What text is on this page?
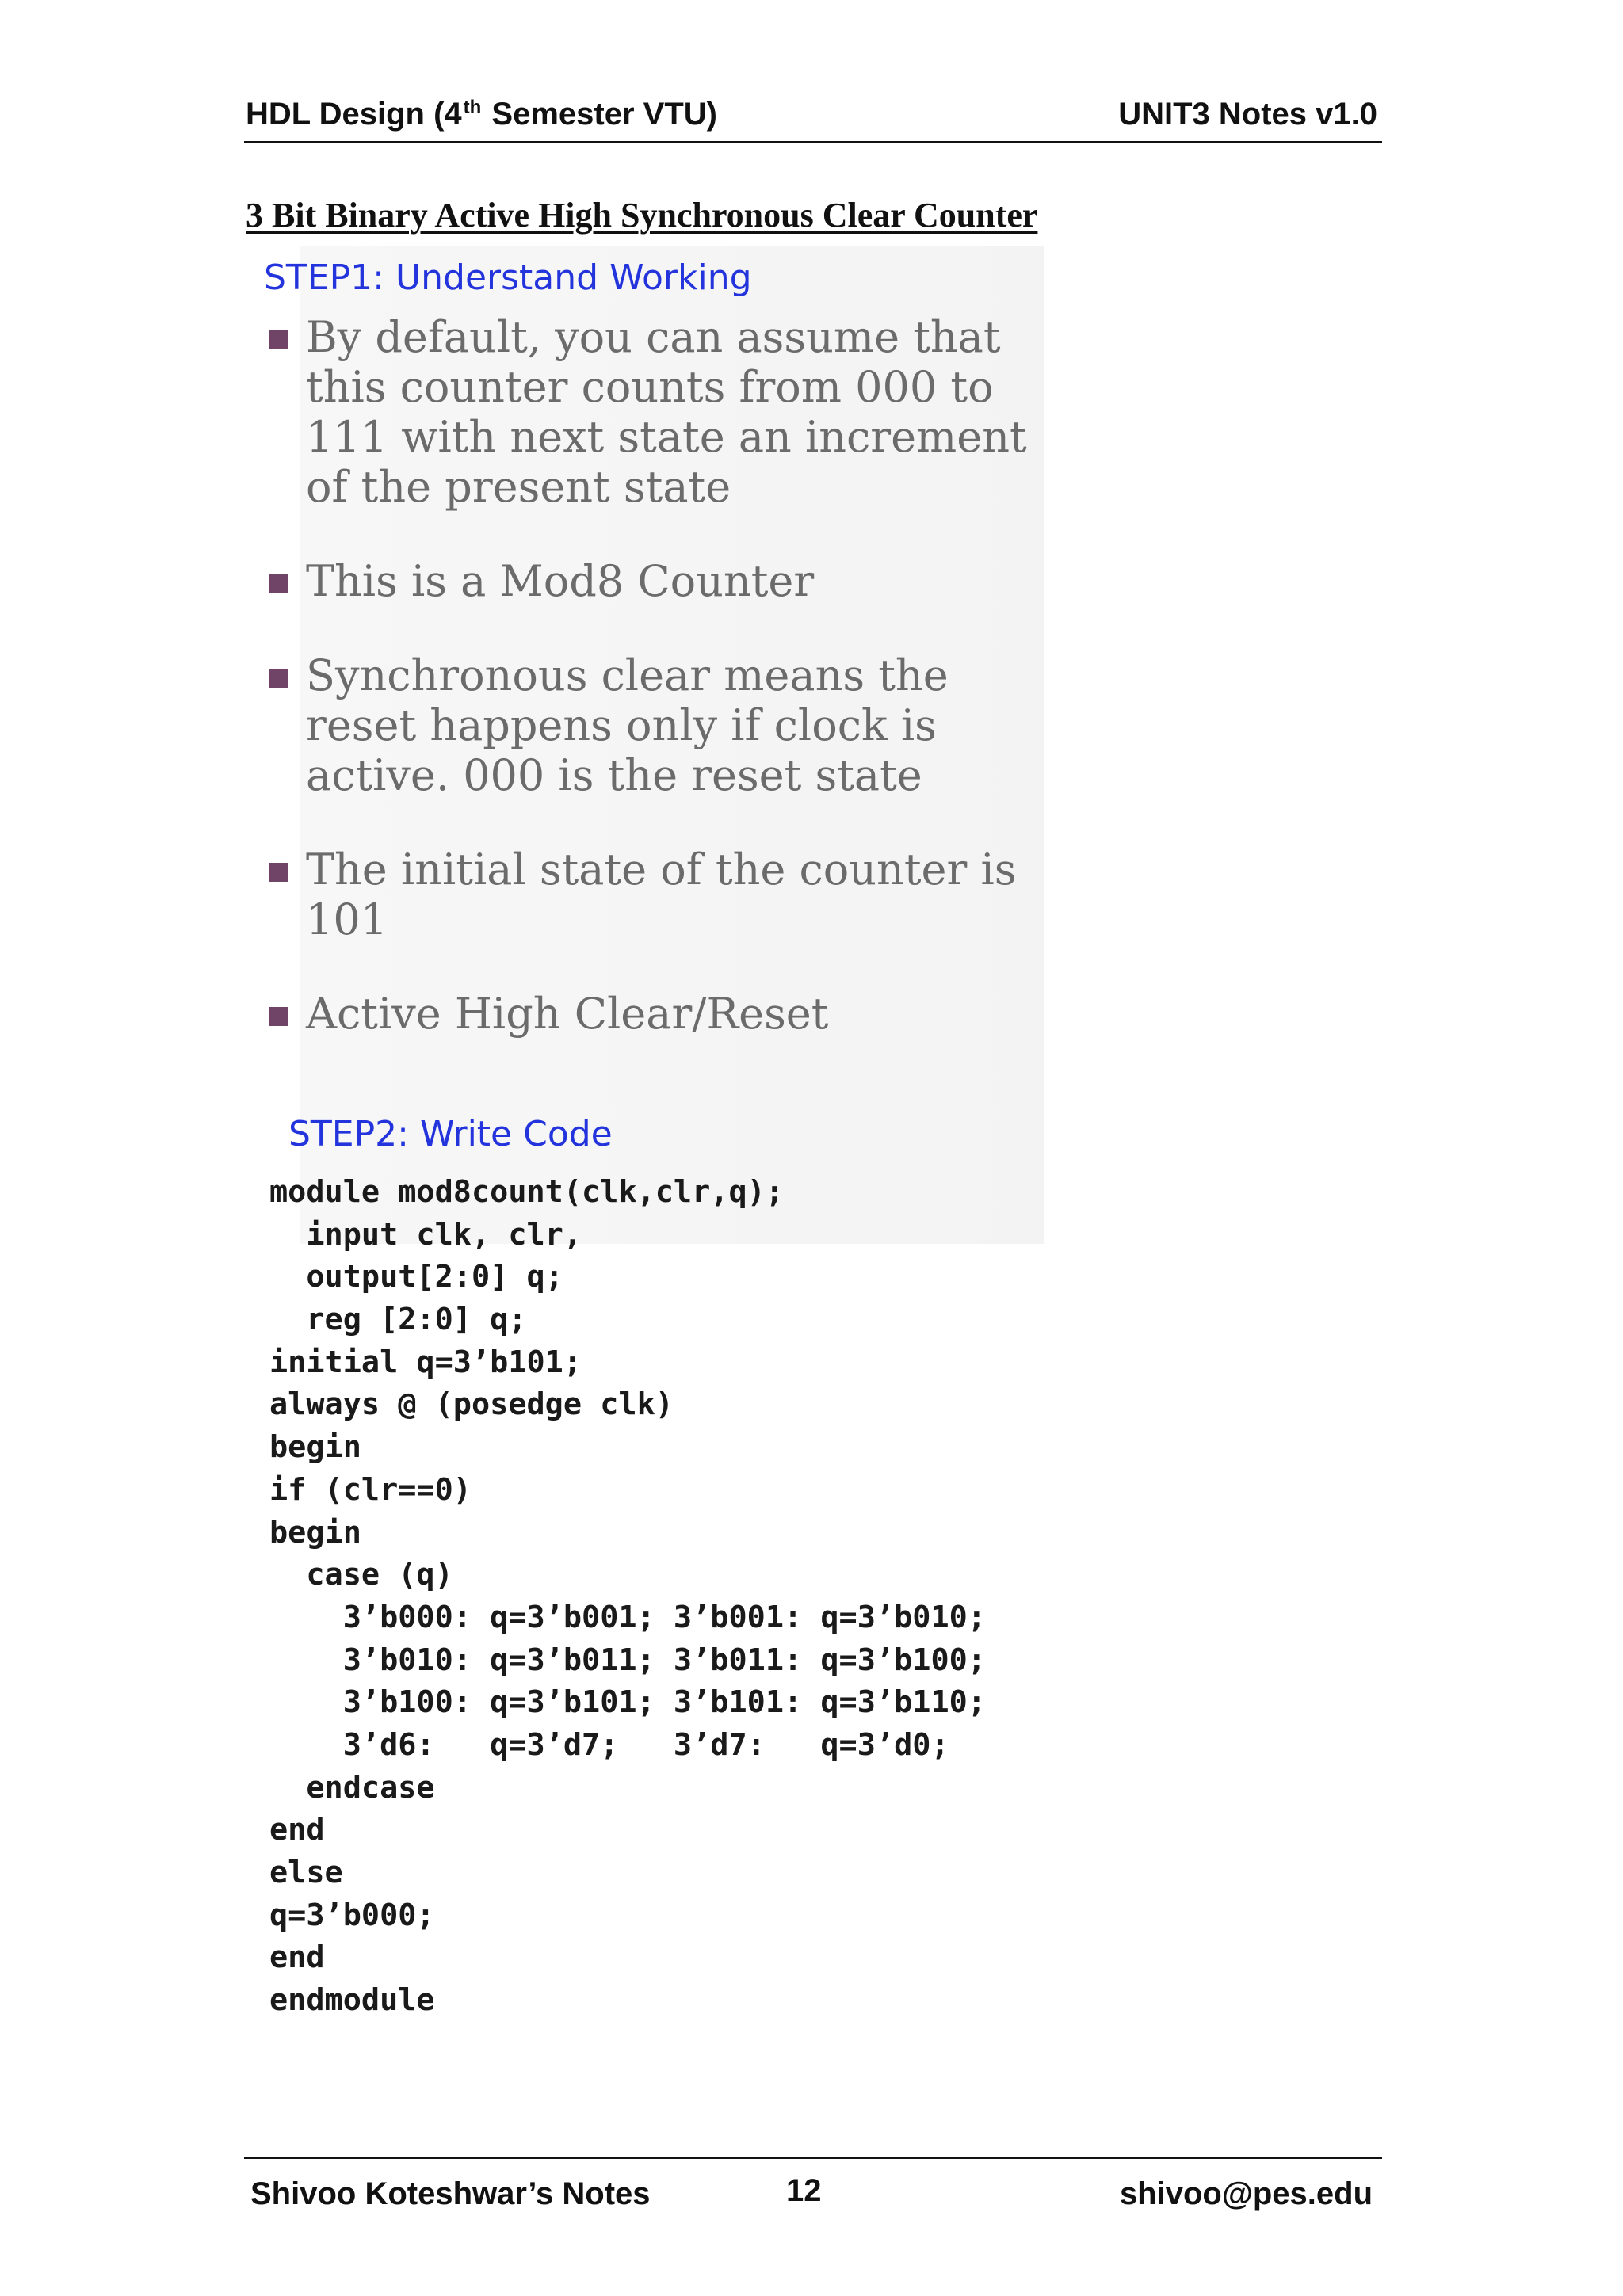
HDL Design (4th Semester VTU)	UNIT3 Notes v1.0
3 Bit Binary Active High Synchronous Clear Counter
STEP1: Understand Working
By default, you can assume that
this counter counts from 000 to
111 with next state an increment
of the present state
This is a Mod8 Counter
Synchronous clear means the
reset happens only if clock is
active. 000 is the reset state
The initial state of the counter is
101
Active High Clear/Reset
STEP2: Write Code
module mod8count(clk,clr,q);
input clk, clr,
output[2:0] q;
reg [2:0] q;
initial q=3’b101;
always @ (posedge clk)
begin
if (clr==0)
begin
case (q)
3’b000: q=3’b001; 3’b001: q=3’b010;
3’b010: q=3’b011; 3’b011: q=3’b100;
3’b100: q=3’b101; 3’b101: q=3’b110;
3’d6:   q=3’d7;   3’d7:   q=3’d0;
endcase
end
else
q=3’b000;
end
endmodule
Shivoo Koteshwar’s Notes	12	shivoo@pes.edu
